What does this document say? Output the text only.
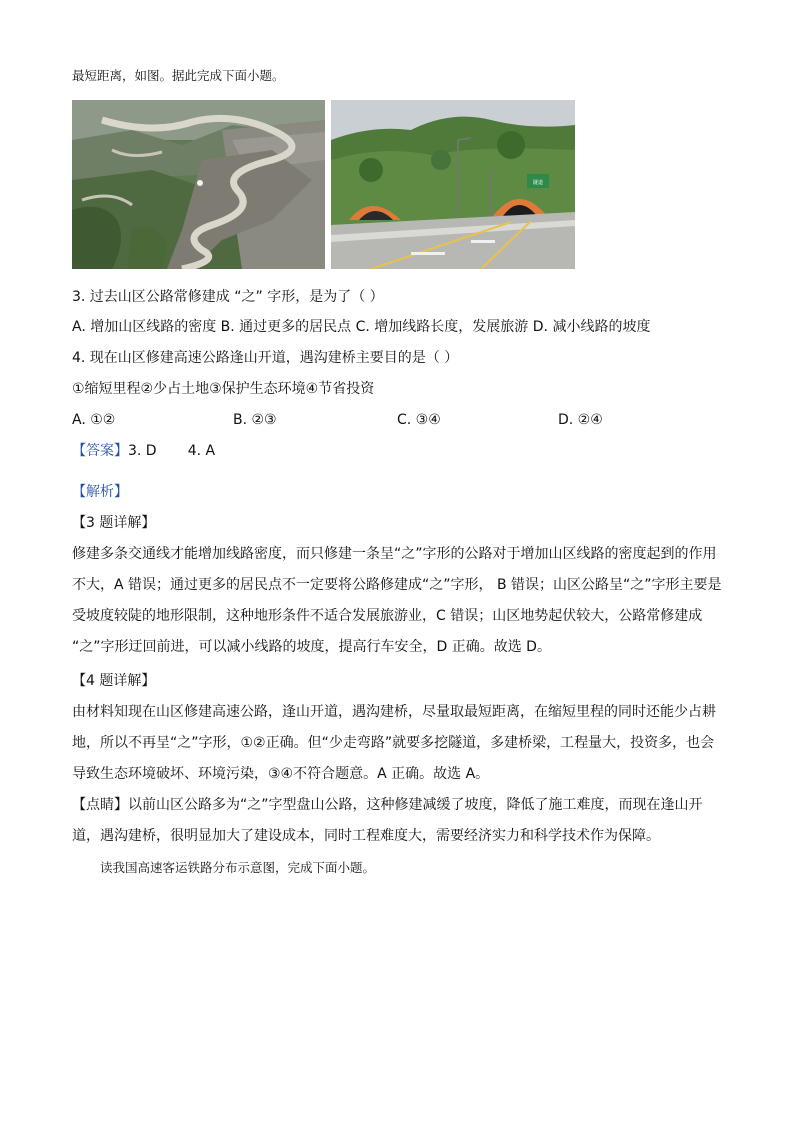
最短距离，如图。据此完成下面小题。
隧道
3. 过去山区公路常修建成 “之” 字形，是为了（ ）
A. 增加山区线路的密度 B. 通过更多的居民点 C. 增加线路长度，发展旅游 D. 减小线路的坡度
4. 现在山区修建高速公路逢山开道，遇沟建桥主要目的是（ ）
①缩短里程②少占土地③保护生态环境④节省投资
A. ①②	B. ②③	C. ③④	D. ②④
【答案】3. D       4. A
【解析】
【3 题详解】
修建多条交通线才能增加线路密度，而只修建一条呈“之”字形的公路对于增加山区线路的密度起到的作用
不大，A 错误；通过更多的居民点不一定要将公路修建成“之”字形， B 错误；山区公路呈“之”字形主要是
受坡度较陡的地形限制，这种地形条件不适合发展旅游业，C 错误；山区地势起伏较大，公路常修建成
“之”字形迂回前进，可以减小线路的坡度，提高行车安全，D 正确。故选 D。
【4 题详解】
由材料知现在山区修建高速公路，逢山开道，遇沟建桥，尽量取最短距离，在缩短里程的同时还能少占耕
地，所以不再呈“之”字形，①②正确。但“少走弯路”就要多挖隧道，多建桥梁，工程量大，投资多，也会
导致生态环境破坏、环境污染，③④不符合题意。A 正确。故选 A。
【点睛】以前山区公路多为“之”字型盘山公路，这种修建减缓了坡度，降低了施工难度，而现在逢山开
道，遇沟建桥，很明显加大了建设成本，同时工程难度大，需要经济实力和科学技术作为保障。
读我国高速客运铁路分布示意图，完成下面小题。
